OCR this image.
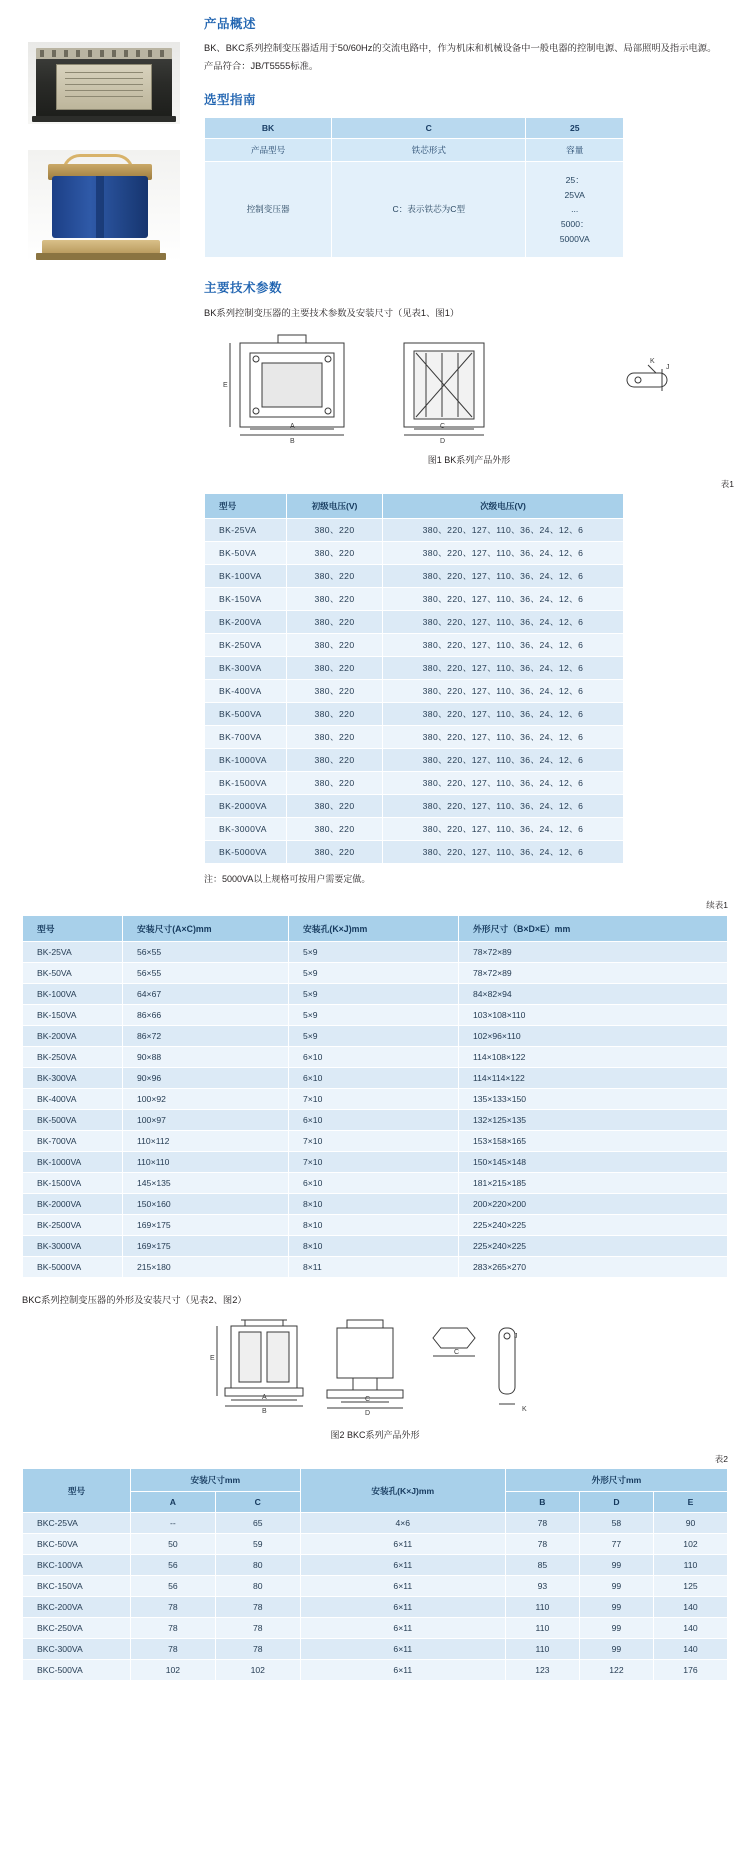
产品概述

BK、BKC系列控制变压器适用于50/60Hz的交流电路中，作为机床和机械设备中一般电器的控制电源、局部照明及指示电源。

产品符合：JB/T5555标准。

选型指南
BK	C	25
产品型号	铁芯形式	容量
控制变压器	C：表示铁芯为C型	25：
25VA
...
5000：
5000VA
主要技术参数

BK系列控制变压器的主要技术参数及安装尺寸（见表1、图1）

B
A
E
D
C
K
J
图1 BK系列产品外形
表1
型号	初级电压(V)	次级电压(V)
BK-25VA	380、220	380、220、127、110、36、24、12、6
BK-50VA	380、220	380、220、127、110、36、24、12、6
BK-100VA	380、220	380、220、127、110、36、24、12、6
BK-150VA	380、220	380、220、127、110、36、24、12、6
BK-200VA	380、220	380、220、127、110、36、24、12、6
BK-250VA	380、220	380、220、127、110、36、24、12、6
BK-300VA	380、220	380、220、127、110、36、24、12、6
BK-400VA	380、220	380、220、127、110、36、24、12、6
BK-500VA	380、220	380、220、127、110、36、24、12、6
BK-700VA	380、220	380、220、127、110、36、24、12、6
BK-1000VA	380、220	380、220、127、110、36、24、12、6
BK-1500VA	380、220	380、220、127、110、36、24、12、6
BK-2000VA	380、220	380、220、127、110、36、24、12、6
BK-3000VA	380、220	380、220、127、110、36、24、12、6
BK-5000VA	380、220	380、220、127、110、36、24、12、6

注：5000VA以上规格可按用户需要定做。

续表1
型号	安装尺寸(A×C)mm	安装孔(K×J)mm	外形尺寸（B×D×E）mm
BK-25VA	56×55	5×9	78×72×89
BK-50VA	56×55	5×9	78×72×89
BK-100VA	64×67	5×9	84×82×94
BK-150VA	86×66	5×9	103×108×110
BK-200VA	86×72	5×9	102×96×110
BK-250VA	90×88	6×10	114×108×122
BK-300VA	90×96	6×10	114×114×122
BK-400VA	100×92	7×10	135×133×150
BK-500VA	100×97	6×10	132×125×135
BK-700VA	110×112	7×10	153×158×165
BK-1000VA	110×110	7×10	150×145×148
BK-1500VA	145×135	6×10	181×215×185
BK-2000VA	150×160	8×10	200×220×200
BK-2500VA	169×175	8×10	225×240×225
BK-3000VA	169×175	8×10	225×240×225
BK-5000VA	215×180	8×11	283×265×270

BKC系列控制变压器的外形及安装尺寸（见表2、图2）

B
A
E
D
C
C
K
J
图2 BKC系列产品外形
表2
型号	安装尺寸mm		安装孔(K×J)mm	外形尺寸mm		
	A	C		B	D	E
BKC-25VA	--	65	4×6	78	58	90
BKC-50VA	50	59	6×11	78	77	102
BKC-100VA	56	80	6×11	85	99	110
BKC-150VA	56	80	6×11	93	99	125
BKC-200VA	78	78	6×11	110	99	140
BKC-250VA	78	78	6×11	110	99	140
BKC-300VA	78	78	6×11	110	99	140
BKC-500VA	102	102	6×11	123	122	176
